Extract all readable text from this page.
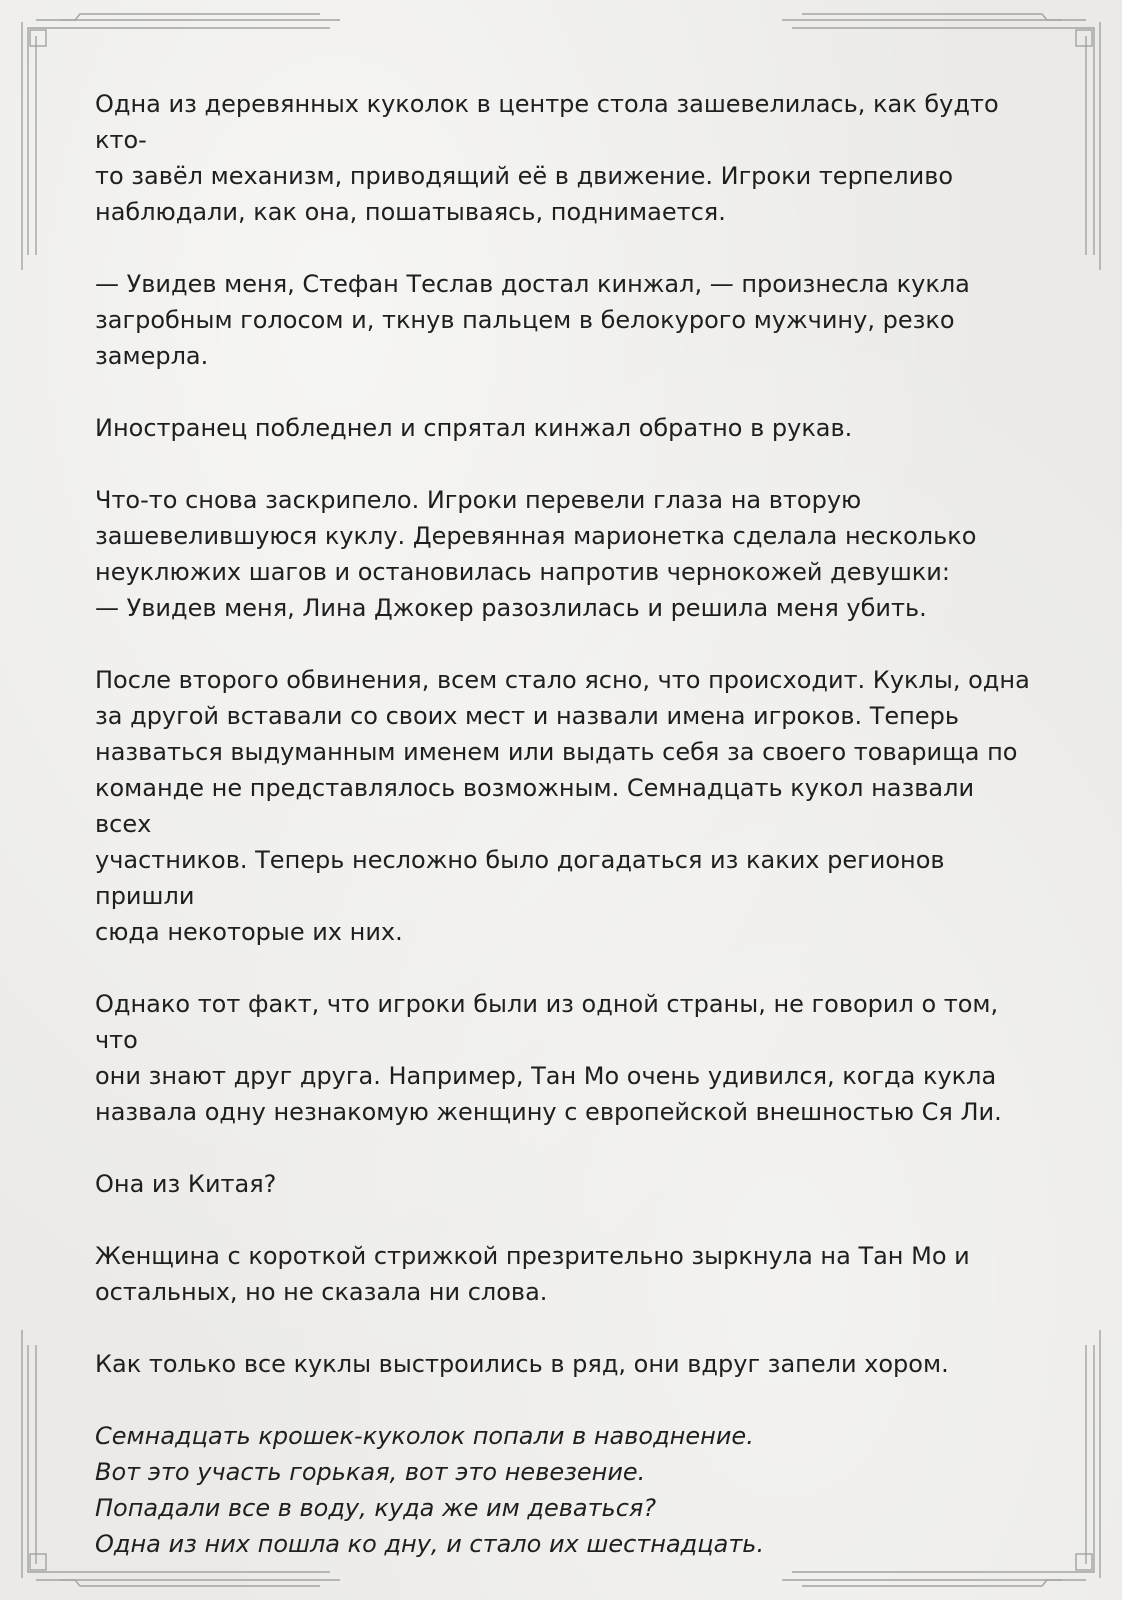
Одна из деревянных куколок в центре стола зашевелилась, как будто кто-
то завёл механизм, приводящий её в движение. Игроки терпеливо
наблюдали, как она, пошатываясь, поднимается.
— Увидев меня, Стефан Теслав достал кинжал, — произнесла кукла
загробным голосом и, ткнув пальцем в белокурого мужчину, резко
замерла.
Иностранец побледнел и спрятал кинжал обратно в рукав.
Что-то снова заскрипело. Игроки перевели глаза на вторую
зашевелившуюся куклу. Деревянная марионетка сделала несколько
неуклюжих шагов и остановилась напротив чернокожей девушки:
— Увидев меня, Лина Джокер разозлилась и решила меня убить.
После второго обвинения, всем стало ясно, что происходит. Куклы, одна
за другой вставали со своих мест и назвали имена игроков. Теперь
назваться выдуманным именем или выдать себя за своего товарища по
команде не представлялось возможным. Семнадцать кукол назвали всех
участников. Теперь несложно было догадаться из каких регионов пришли
сюда некоторые их них.
Однако тот факт, что игроки были из одной страны, не говорил о том, что
они знают друг друга. Например, Тан Мо очень удивился, когда кукла
назвала одну незнакомую женщину с европейской внешностью Ся Ли.
Она из Китая?
Женщина с короткой стрижкой презрительно зыркнула на Тан Мо и
остальных, но не сказала ни слова.
Как только все куклы выстроились в ряд, они вдруг запели хором.
Семнадцать крошек-куколок попали в наводнение.
Вот это участь горькая, вот это невезение.
Попадали все в воду, куда же им деваться?
Одна из них пошла ко дну, и стало их шестнадцать.
